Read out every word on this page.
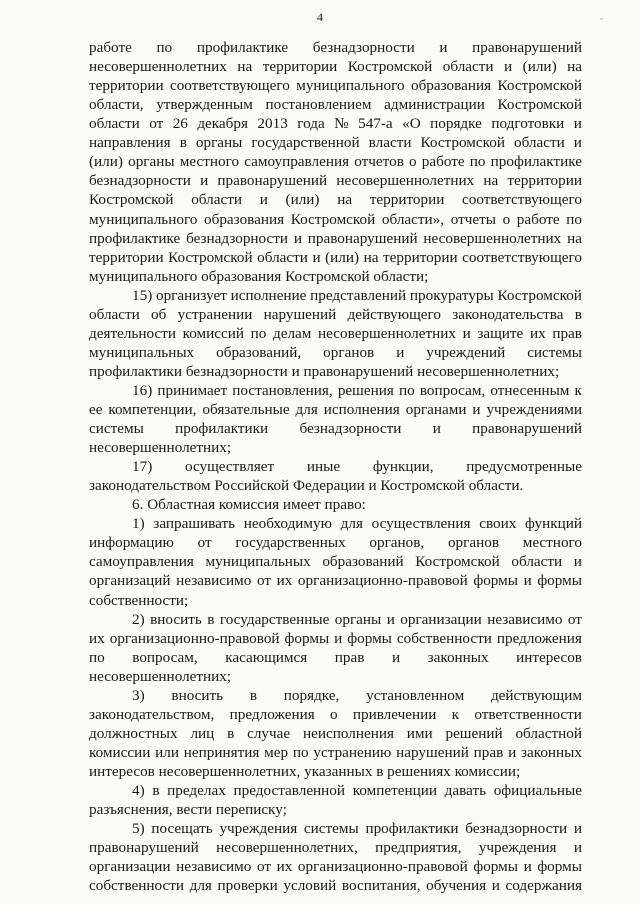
4	-
работе по профилактике безнадзорности и правонарушений
несовершеннолетних на территории Костромской области и (или) на
территории соответствующего муниципального образования Костромской
области, утвержденным постановлением администрации Костромской
области от 26 декабря 2013 года № 547-а «О порядке подготовки и
направления в органы государственной власти Костромской области и
(или) органы местного самоуправления отчетов о работе по профилактике
безнадзорности и правонарушений несовершеннолетних на территории
Костромской области и (или) на территории соответствующего
муниципального образования Костромской области», отчеты о работе по
профилактике безнадзорности и правонарушений несовершеннолетних на
территории Костромской области и (или) на территории соответствующего
муниципального образования Костромской области;
15) организует исполнение представлений прокуратуры Костромской
области об устранении нарушений действующего законодательства в
деятельности комиссий по делам несовершеннолетних и защите их прав
муниципальных образований, органов и учреждений системы
профилактики безнадзорности и правонарушений несовершеннолетних;
16) принимает постановления, решения по вопросам, отнесенным к
ее компетенции, обязательные для исполнения органами и учреждениями
системы профилактики безнадзорности и правонарушений
несовершеннолетних;
17) осуществляет иные функции, предусмотренные
законодательством Российской Федерации и Костромской области.
6. Областная комиссия имеет право:
1) запрашивать необходимую для осуществления своих функций
информацию от государственных органов, органов местного
самоуправления муниципальных образований Костромской области и
организаций независимо от их организационно-правовой формы и формы
собственности;
2) вносить в государственные органы и организации независимо от
их организационно-правовой формы и формы собственности предложения
по вопросам, касающимся прав и законных интересов
несовершеннолетних;
3) вносить в порядке, установленном действующим
законодательством, предложения о привлечении к ответственности
должностных лиц в случае неисполнения ими решений областной
комиссии или непринятия мер по устранению нарушений прав и законных
интересов несовершеннолетних, указанных в решениях комиссии;
4) в пределах предоставленной компетенции давать официальные
разъяснения, вести переписку;
5) посещать учреждения системы профилактики безнадзорности и
правонарушений несовершеннолетних, предприятия, учреждения и
организации независимо от их организационно-правовой формы и формы
собственности для проверки условий воспитания, обучения и содержания
